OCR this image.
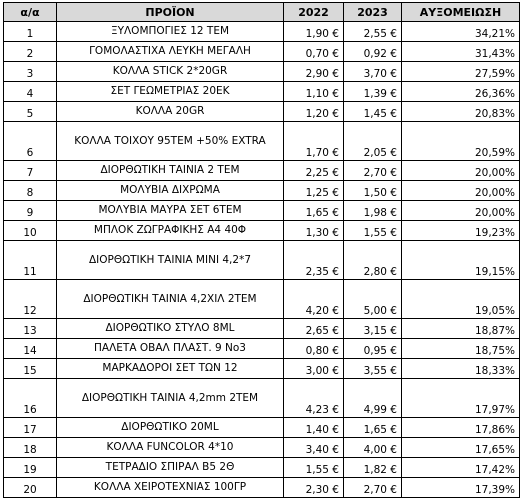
α/α	ΠΡΟΪΟΝ	2022	2023	ΑΥΞΟΜΕΙΩΣΗ
1	ΞΥΛΟΜΠΟΓΙΕΣ 12 ΤΕΜ	1,90 €	2,55 €	34,21%
2	ΓΟΜΟΛΑΣΤΙΧΑ ΛΕΥΚΗ ΜΕΓΑΛΗ	0,70 €	0,92 €	31,43%
3	ΚΟΛΛΑ STICK 2*20GR	2,90 €	3,70 €	27,59%
4	ΣΕΤ ΓΕΩΜΕΤΡΙΑΣ 20ΕΚ	1,10 €	1,39 €	26,36%
5	ΚΟΛΛΑ 20GR	1,20 €	1,45 €	20,83%
6	ΚΟΛΛΑ ΤΟΙΧΟΥ 95ΤΕΜ +50% EXTRA	1,70 €	2,05 €	20,59%
7	ΔΙΟΡΘΩΤΙΚΗ ΤΑΙΝΙΑ 2 ΤΕΜ	2,25 €	2,70 €	20,00%
8	ΜΟΛΥΒΙΑ ΔΙΧΡΩΜΑ	1,25 €	1,50 €	20,00%
9	ΜΟΛΥΒΙΑ ΜΑΥΡΑ ΣΕΤ 6ΤΕΜ	1,65 €	1,98 €	20,00%
10	ΜΠΛΟΚ ΖΩΓΡΑΦΙΚΗΣ Α4 40Φ	1,30 €	1,55 €	19,23%
11	ΔΙΟΡΘΩΤΙΚΗ ΤΑΙΝΙΑ MINI 4,2*7	2,35 €	2,80 €	19,15%
12	ΔΙΟΡΘΩΤΙΚΗ ΤΑΙΝΙΑ 4,2ΧΙΛ 2ΤΕΜ	4,20 €	5,00 €	19,05%
13	ΔΙΟΡΘΩΤΙΚΟ ΣΤΥΛΟ 8ML	2,65 €	3,15 €	18,87%
14	ΠΑΛΕΤΑ ΟΒΑΛ ΠΛΑΣΤ. 9 No3	0,80 €	0,95 €	18,75%
15	ΜΑΡΚΑΔΟΡΟΙ ΣΕΤ ΤΩΝ 12	3,00 €	3,55 €	18,33%
16	ΔΙΟΡΘΩΤΙΚΗ ΤΑΙΝΙΑ 4,2mm 2ΤΕΜ	4,23 €	4,99 €	17,97%
17	ΔΙΟΡΘΩΤΙΚΟ 20ML	1,40 €	1,65 €	17,86%
18	ΚΟΛΛΑ FUNCOLOR 4*10	3,40 €	4,00 €	17,65%
19	ΤΕΤΡΑΔΙΟ ΣΠΙΡΑΛ Β5 2Θ	1,55 €	1,82 €	17,42%
20	ΚΟΛΛΑ ΧΕΙΡΟΤΕΧΝΙΑΣ 100ΓΡ	2,30 €	2,70 €	17,39%
